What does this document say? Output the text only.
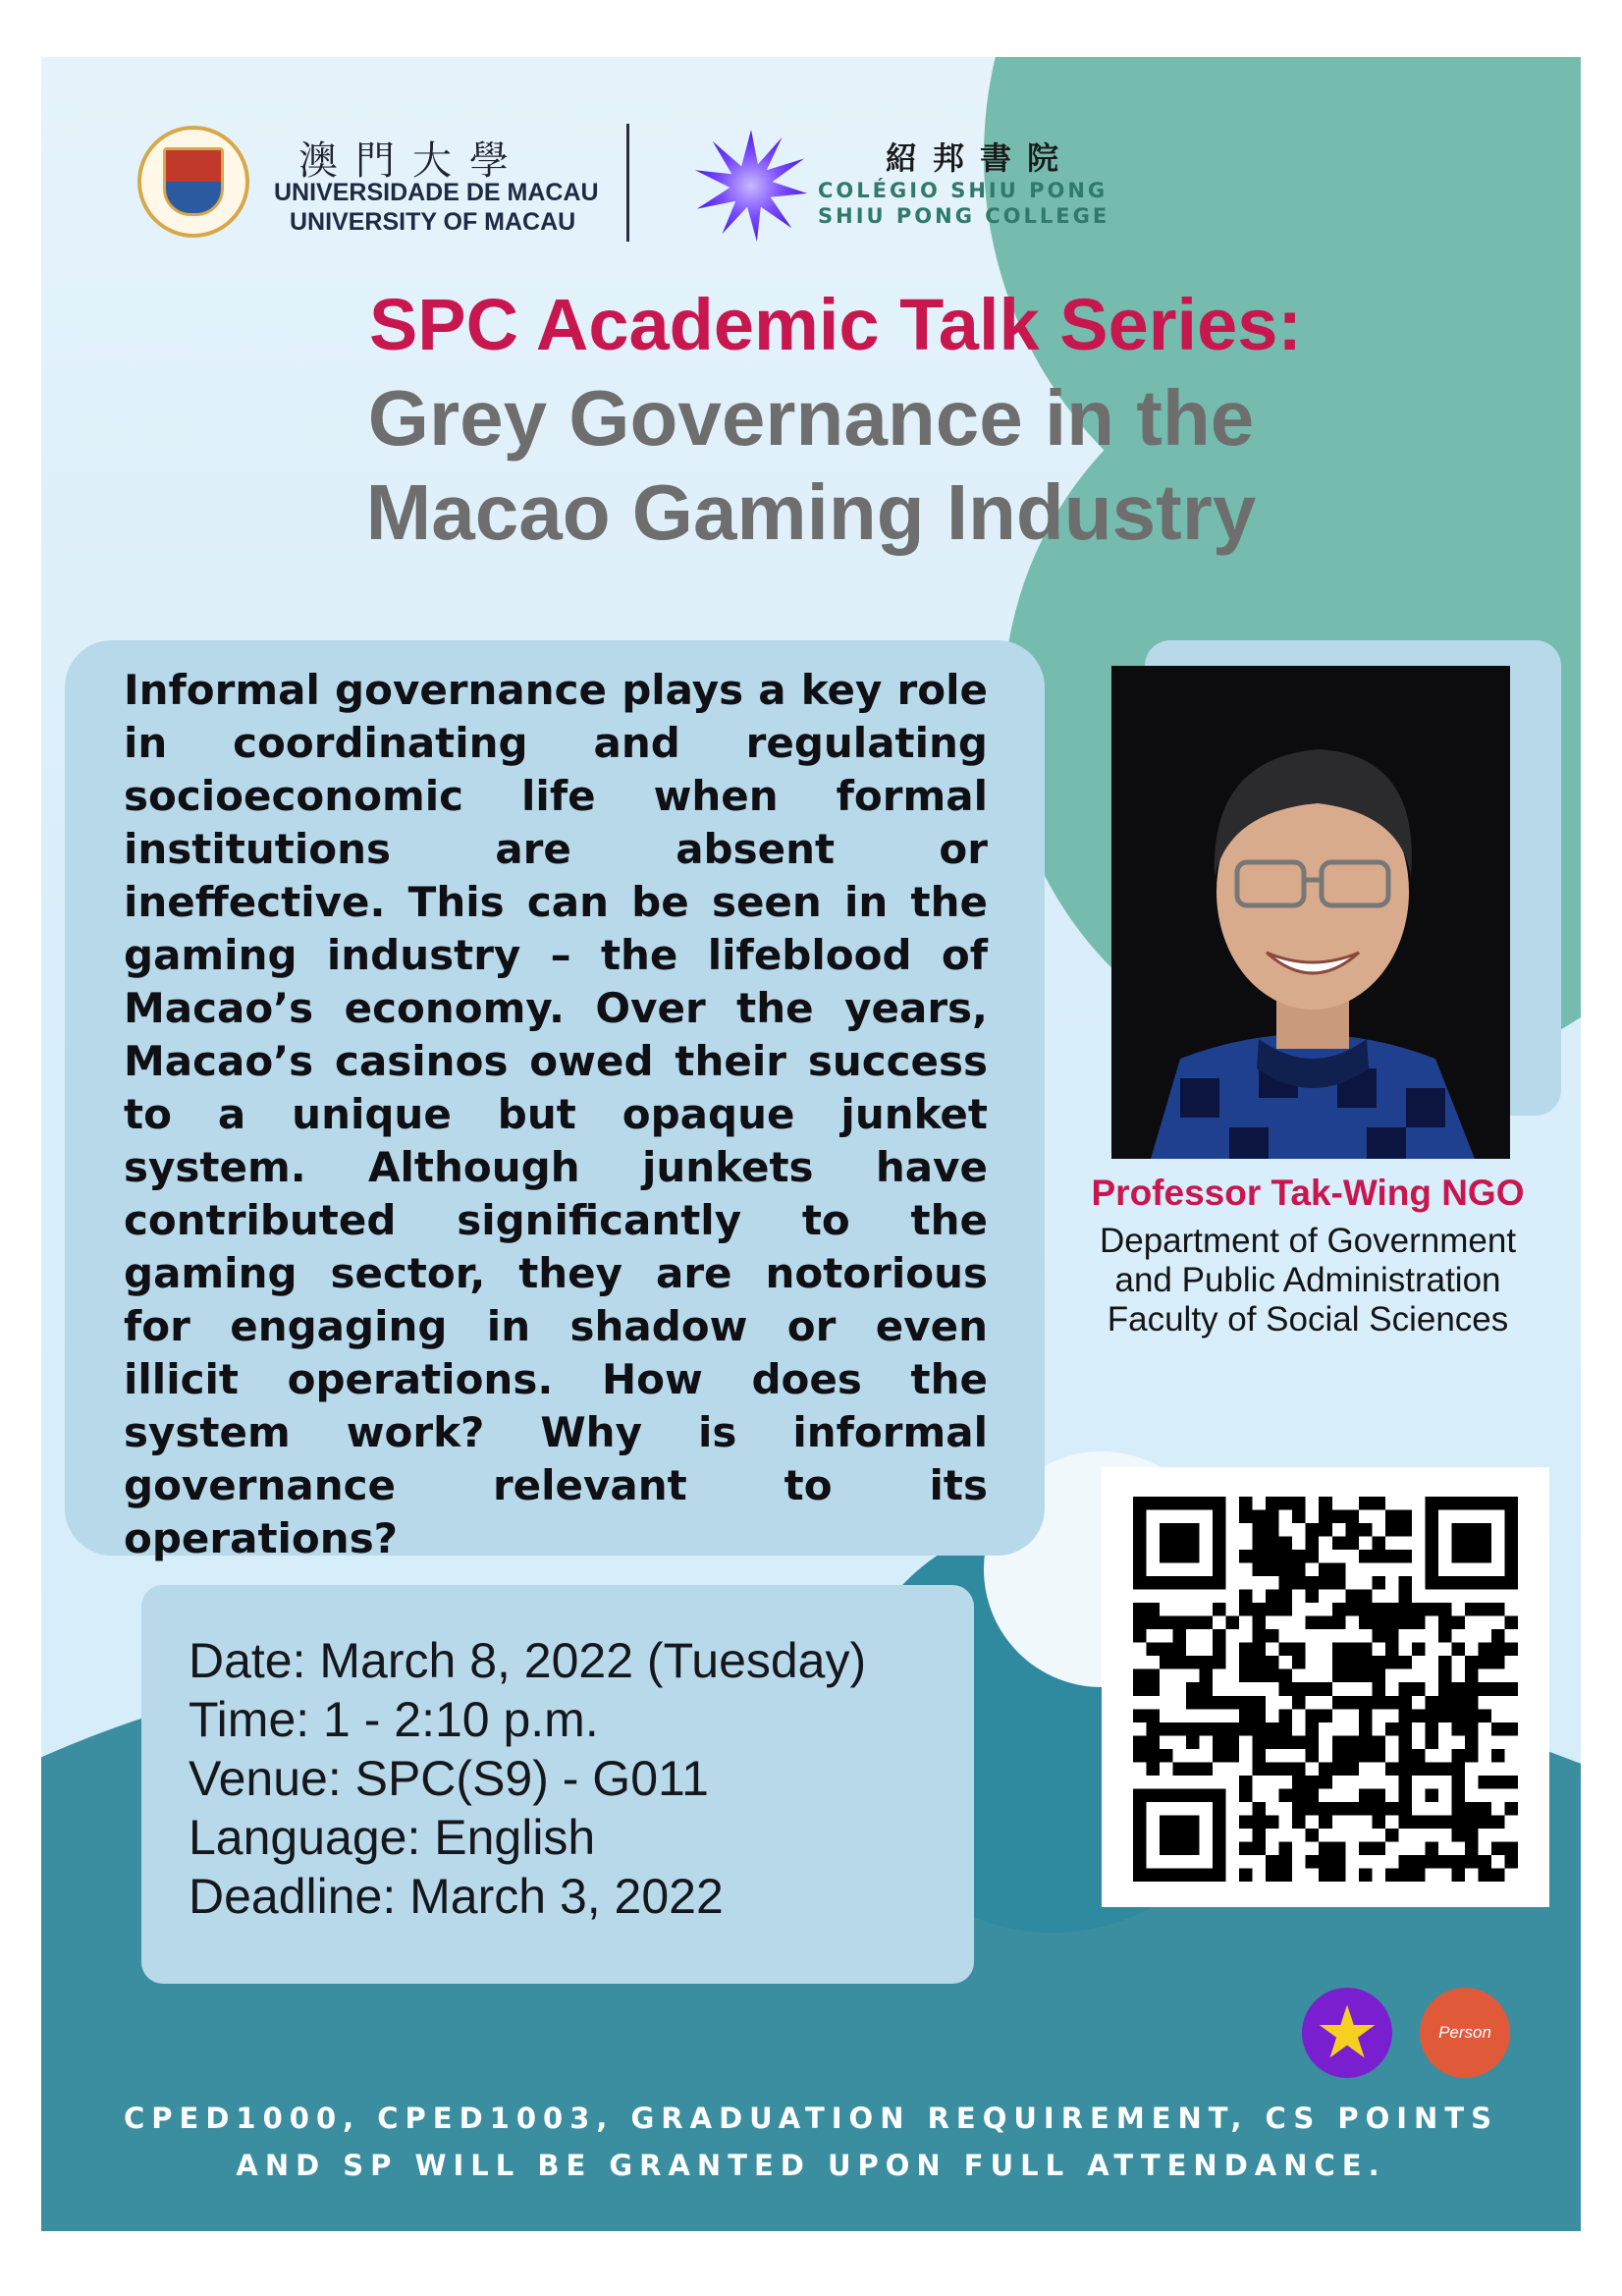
澳門大學
UNIVERSIDADE DE MACAU
UNIVERSITY OF MACAU
紹邦書院
COLÉGIO SHIU PONG
SHIU PONG COLLEGE
SPC Academic Talk Series:
Grey Governance in the
Macao Gaming Industry
Informal governance plays a key role in coordinating and regulating socioeconomic life when formal institutions are absent or ineffective. This can be seen in the gaming industry – the lifeblood of Macao’s economy. Over the years, Macao’s casinos owed their success to a unique but opaque junket system. Although junkets have contributed significantly to the gaming sector, they are notorious for engaging in shadow or even illicit operations. How does the system work? Why is informal governance relevant to its operations?
Professor Tak-Wing NGO
Department of Government
and Public Administration
Faculty of Social Sciences
Date: March 8, 2022 (Tuesday)
Time: 1 - 2:10 p.m.
Venue: SPC(S9) - G011
Language: English
Deadline: March 3, 2022
★	Person
CPED1000, CPED1003, GRADUATION REQUIREMENT, CS POINTS
AND SP WILL BE GRANTED UPON FULL ATTENDANCE.
